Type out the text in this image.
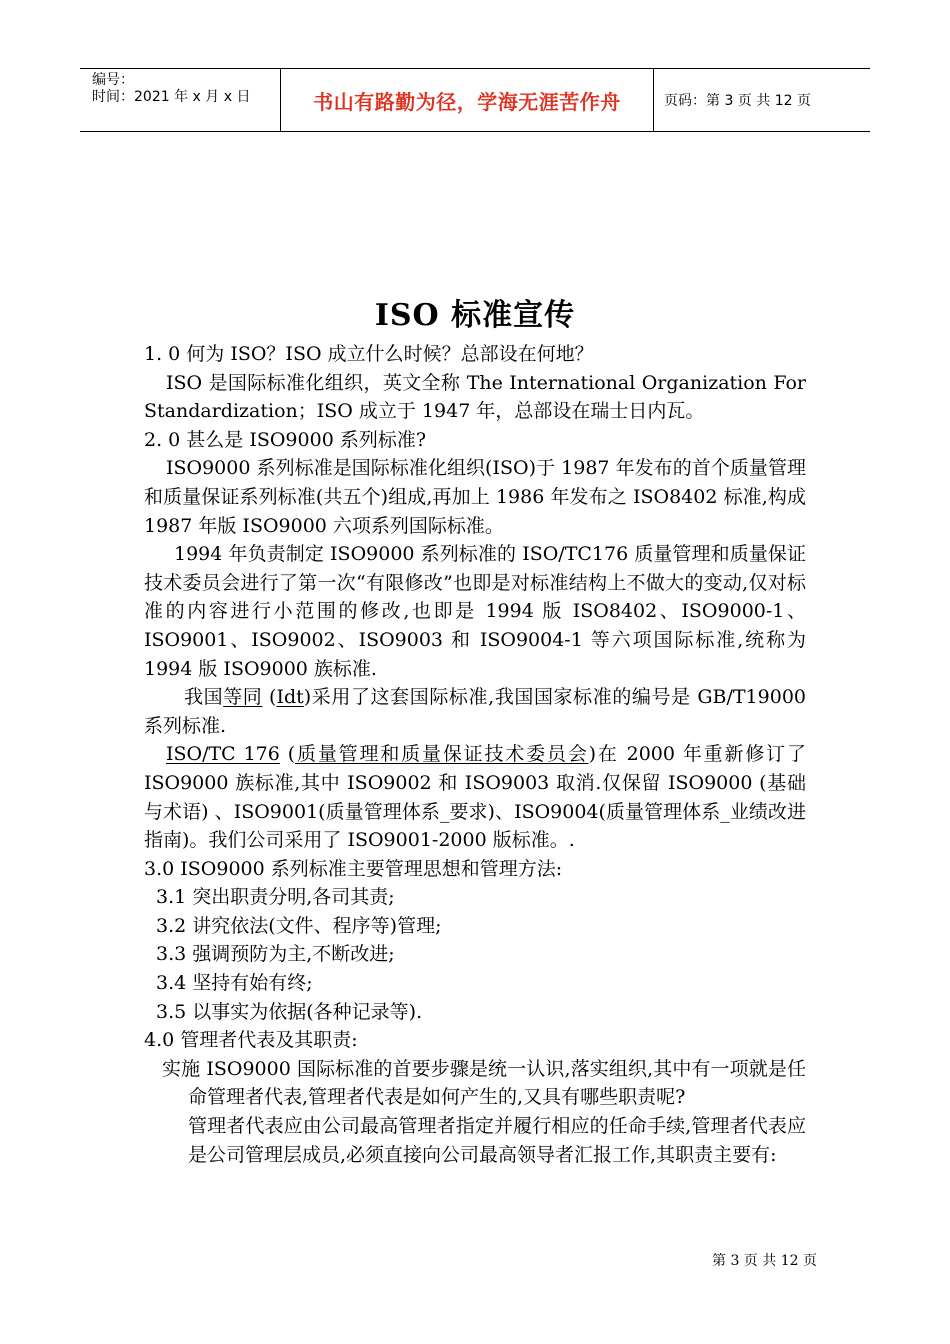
编号：
时间：2021 年 x 月 x 日	书山有路勤为径，学海无涯苦作舟	页码：第 3 页 共 12 页
ISO 标准宣传

1. 0 何为 ISO？ISO 成立什么时候？总部设在何地？

ISO 是国际标准化组织，英文全称 The International Organization For Standardization；ISO 成立于 1947 年，总部设在瑞士日内瓦。

2. 0 甚么是 ISO9000 系列标准?

ISO9000 系列标准是国际标准化组织(ISO)于 1987 年发布的首个质量管理和质量保证系列标准(共五个)组成,再加上 1986 年发布之 ISO8402 标准,构成 1987 年版 ISO9000 六项系列国际标准。

1994 年负责制定 ISO9000 系列标准的 ISO/TC176 质量管理和质量保证技术委员会进行了第一次“有限修改”也即是对标准结构上不做大的变动,仅对标准的内容进行小范围的修改,也即是 1994 版 ISO8402、ISO9000-1、ISO9001、ISO9002、ISO9003 和 ISO9004-1 等六项国际标准,统称为 1994 版 ISO9000 族标准.

我国等同 (Idt)采用了这套国际标准,我国国家标准的编号是 GB/T19000 系列标准.

ISO/TC 176 (质量管理和质量保证技术委员会)在 2000 年重新修订了 ISO9000 族标准,其中 ISO9002 和 ISO9003 取消.仅保留 ISO9000 (基础与术语) 、ISO9001(质量管理体系_要求)、ISO9004(质量管理体系_业绩改进指南)。我们公司采用了 ISO9001-2000 版标准。.

3.0 ISO9000 系列标准主要管理思想和管理方法:

3.1 突出职责分明,各司其责;

3.2 讲究依法(文件、程序等)管理;

3.3 强调预防为主,不断改进;

3.4 坚持有始有终;

3.5 以事实为依据(各种记录等).

4.0 管理者代表及其职责:

实施 ISO9000 国际标准的首要步骤是统一认识,落实组织,其中有一项就是任命管理者代表,管理者代表是如何产生的,又具有哪些职责呢?

管理者代表应由公司最高管理者指定并履行相应的任命手续,管理者代表应是公司管理层成员,必须直接向公司最高领导者汇报工作,其职责主要有:

第 3 页 共 12 页
